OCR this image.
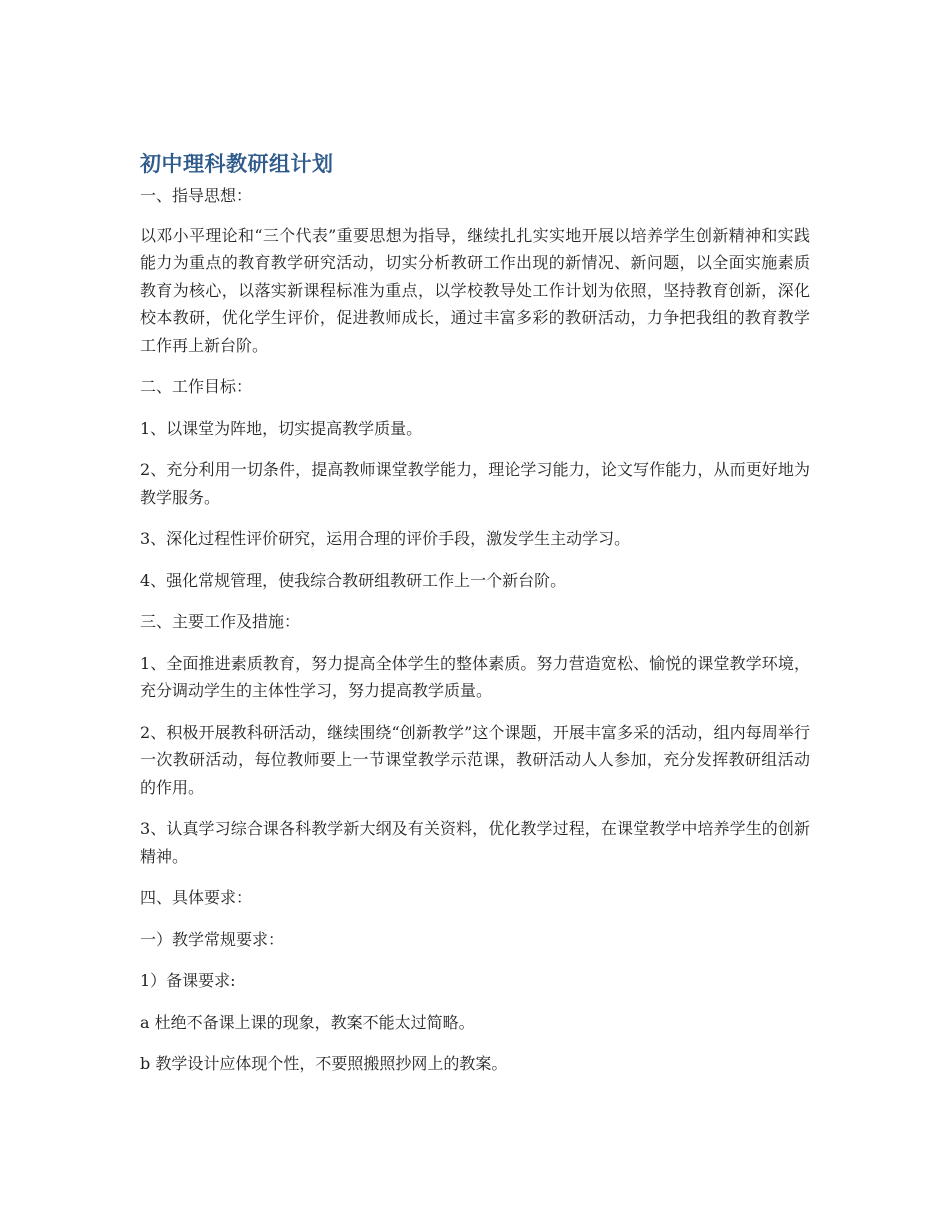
初中理科教研组计划

一、指导思想：

以邓小平理论和“三个代表”重要思想为指导，继续扎扎实实地开展以培养学生创新精神和实践能力为重点的教育教学研究活动，切实分析教研工作出现的新情况、新问题，以全面实施素质教育为核心，以落实新课程标准为重点，以学校教导处工作计划为依照，坚持教育创新，深化校本教研，优化学生评价，促进教师成长，通过丰富多彩的教研活动，力争把我组的教育教学工作再上新台阶。

二、工作目标：

1、以课堂为阵地，切实提高教学质量。

2、充分利用一切条件，提高教师课堂教学能力，理论学习能力，论文写作能力，从而更好地为教学服务。

3、深化过程性评价研究，运用合理的评价手段，激发学生主动学习。

4、强化常规管理，使我综合教研组教研工作上一个新台阶。

三、主要工作及措施：

1、全面推进素质教育，努力提高全体学生的整体素质。努力营造宽松、愉悦的课堂教学环境，充分调动学生的主体性学习，努力提高教学质量。

2、积极开展教科研活动，继续围绕“创新教学”这个课题，开展丰富多采的活动，组内每周举行一次教研活动，每位教师要上一节课堂教学示范课，教研活动人人参加，充分发挥教研组活动的作用。

3、认真学习综合课各科教学新大纲及有关资料，优化教学过程，在课堂教学中培养学生的创新精神。

四、具体要求：

一）教学常规要求：

1）备课要求:

a 杜绝不备课上课的现象，教案不能太过简略。

b 教学设计应体现个性，不要照搬照抄网上的教案。
